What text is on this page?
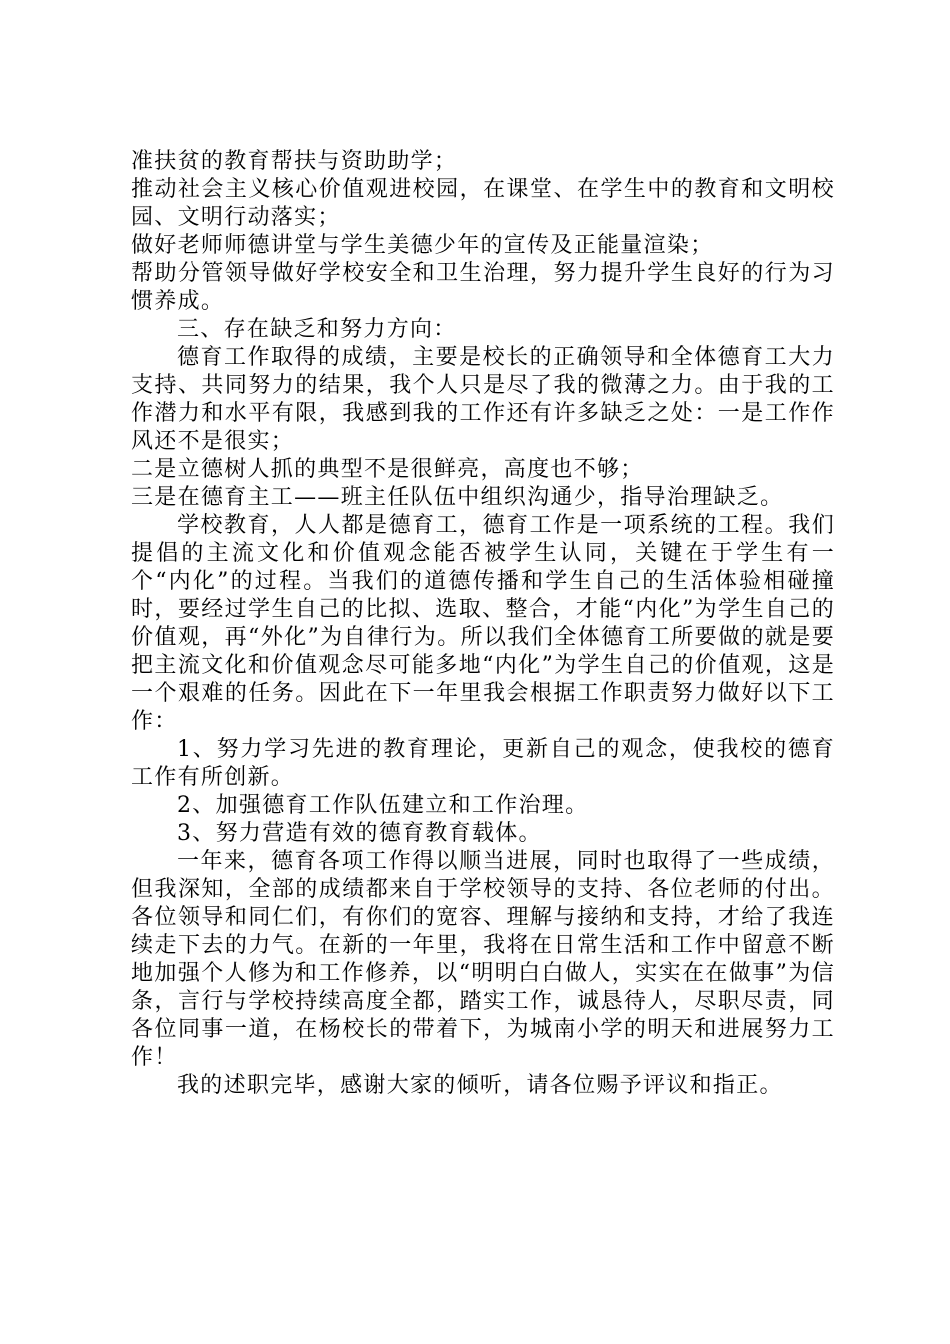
准扶贫的教育帮扶与资助助学；

推动社会主义核心价值观进校园，在课堂、在学生中的教育和文明校园、文明行动落实；

做好老师师德讲堂与学生美德少年的宣传及正能量渲染；

帮助分管领导做好学校安全和卫生治理，努力提升学生良好的行为习惯养成。

三、存在缺乏和努力方向：

德育工作取得的成绩，主要是校长的正确领导和全体德育工大力支持、共同努力的结果，我个人只是尽了我的微薄之力。由于我的工作潜力和水平有限，我感到我的工作还有许多缺乏之处：一是工作作风还不是很实；

二是立德树人抓的典型不是很鲜亮，高度也不够；

三是在德育主工——班主任队伍中组织沟通少，指导治理缺乏。

学校教育，人人都是德育工，德育工作是一项系统的工程。我们提倡的主流文化和价值观念能否被学生认同，关键在于学生有一个“内化”的过程。当我们的道德传播和学生自己的生活体验相碰撞时，要经过学生自己的比拟、选取、整合，才能“内化”为学生自己的价值观，再“外化”为自律行为。所以我们全体德育工所要做的就是要把主流文化和价值观念尽可能多地“内化”为学生自己的价值观，这是一个艰难的任务。因此在下一年里我会根据工作职责努力做好以下工作：

1、努力学习先进的教育理论，更新自己的观念，使我校的德育工作有所创新。

2、加强德育工作队伍建立和工作治理。

3、努力营造有效的德育教育载体。

一年来，德育各项工作得以顺当进展，同时也取得了一些成绩，但我深知，全部的成绩都来自于学校领导的支持、各位老师的付出。各位领导和同仁们，有你们的宽容、理解与接纳和支持，才给了我连续走下去的力气。在新的一年里，我将在日常生活和工作中留意不断地加强个人修为和工作修养，以“明明白白做人，实实在在做事”为信条，言行与学校持续高度全都，踏实工作，诚恳待人，尽职尽责，同各位同事一道，在杨校长的带着下，为城南小学的明天和进展努力工作！

我的述职完毕，感谢大家的倾听，请各位赐予评议和指正。
